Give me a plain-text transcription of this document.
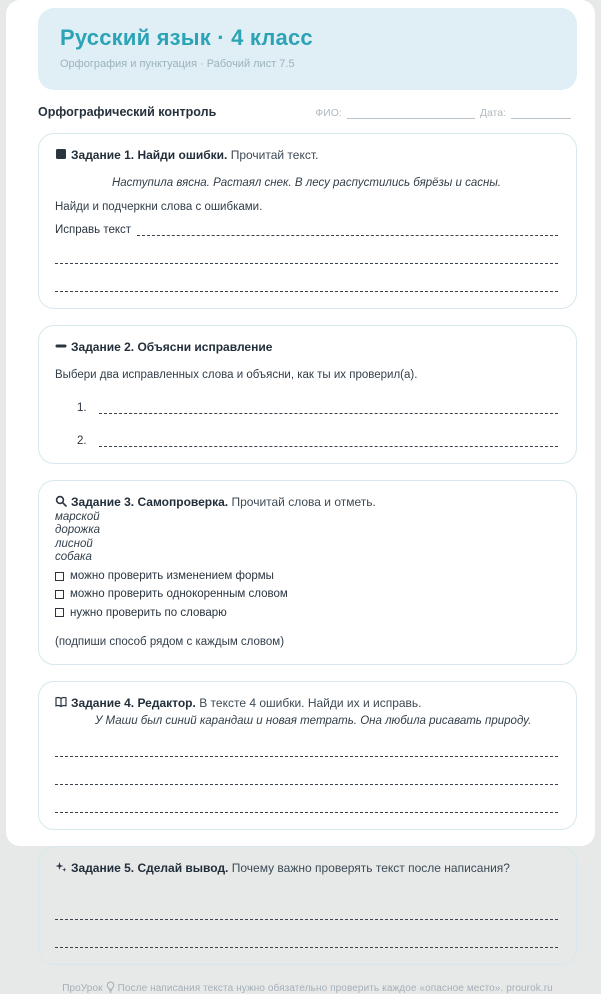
Русский язык · 4 класс
Орфография и пунктуация · Рабочий лист 7.5
Орфографический контроль	ФИО:	Дата:
Задание 1. Найди ошибки. Прочитай текст.
Наступила вясна. Растаял снек. В лесу распустились бярёзы и сасны.
Найди и подчеркни слова с ошибками.
Исправь текст
Задание 2. Объясни исправление
Выбери два исправленных слова и объясни, как ты их проверил(а).
1.
2.
Задание 3. Самопроверка. Прочитай слова и отметь.
марской
дорожка
лисной
собака
можно проверить изменением формы
можно проверить однокоренным словом
нужно проверить по словарю
(подпиши способ рядом с каждым словом)
Задание 4. Редактор. В тексте 4 ошибки. Найди их и исправь.
У Маши был синий карандаш и новая тетрать. Она любила рисавать природу.
Задание 5. Сделай вывод. Почему важно проверять текст после написания?
ПроУрок После написания текста нужно обязательно проверить каждое «опасное место». prourok.ru
